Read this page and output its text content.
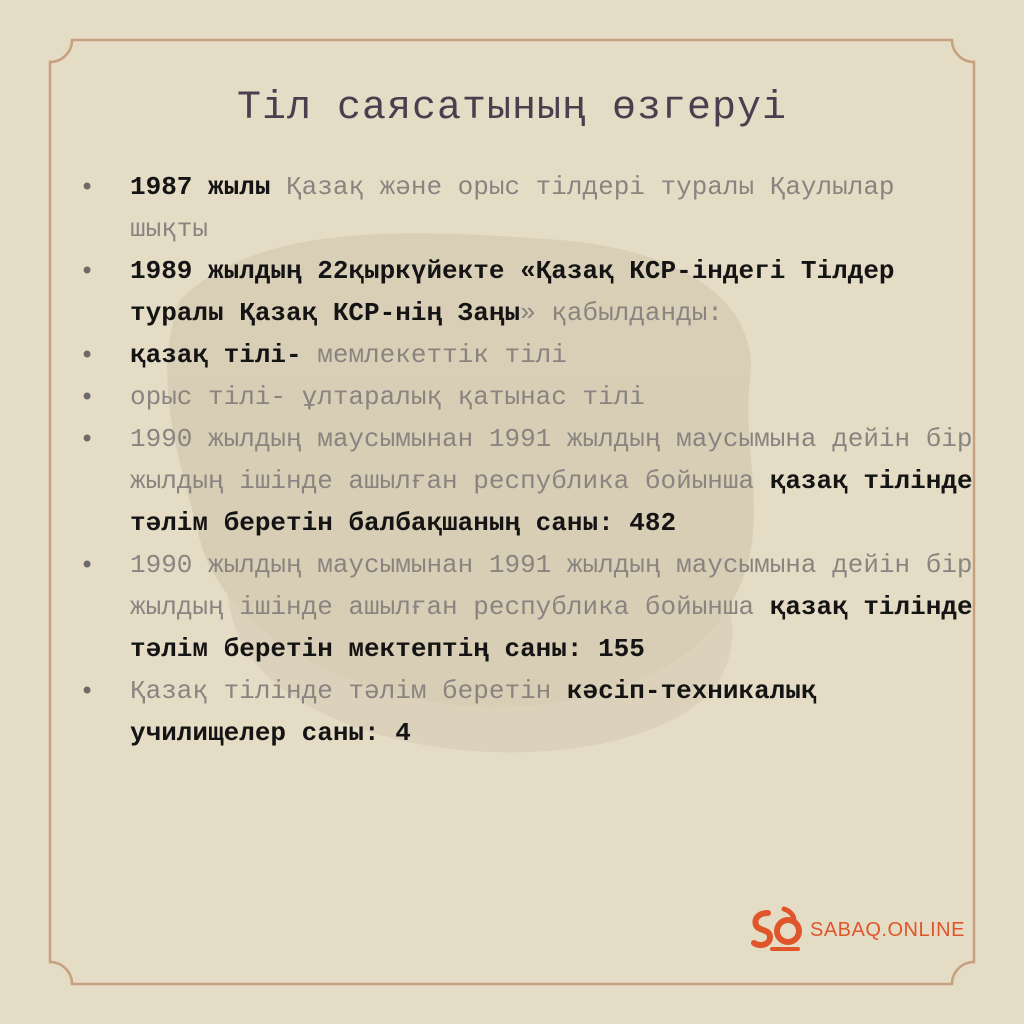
Тіл саясатының өзгеруі
• 1987 жылы Қазақ және орыс тілдері туралы Қаулылар шықты
• 1989 жылдың 22қыркүйекте «Қазақ КСР-індегі Тілдер туралы Қазақ КСР-нің Заңы» қабылданды:
• қазақ тілі- мемлекеттік тілі
• орыс тілі- ұлтаралық қатынас тілі
• 1990 жылдың маусымынан 1991 жылдың маусымына дейін бір жылдың ішінде ашылған республика бойынша қазақ тілінде тәлім беретін балбақшаның саны: 482
• 1990 жылдың маусымынан 1991 жылдың маусымына дейін бір жылдың ішінде ашылған республика бойынша қазақ тілінде тәлім беретін мектептің саны: 155
• Қазақ тілінде тәлім беретін кәсіп-техникалық училищелер саны: 4
SABAQ.ONLINE
